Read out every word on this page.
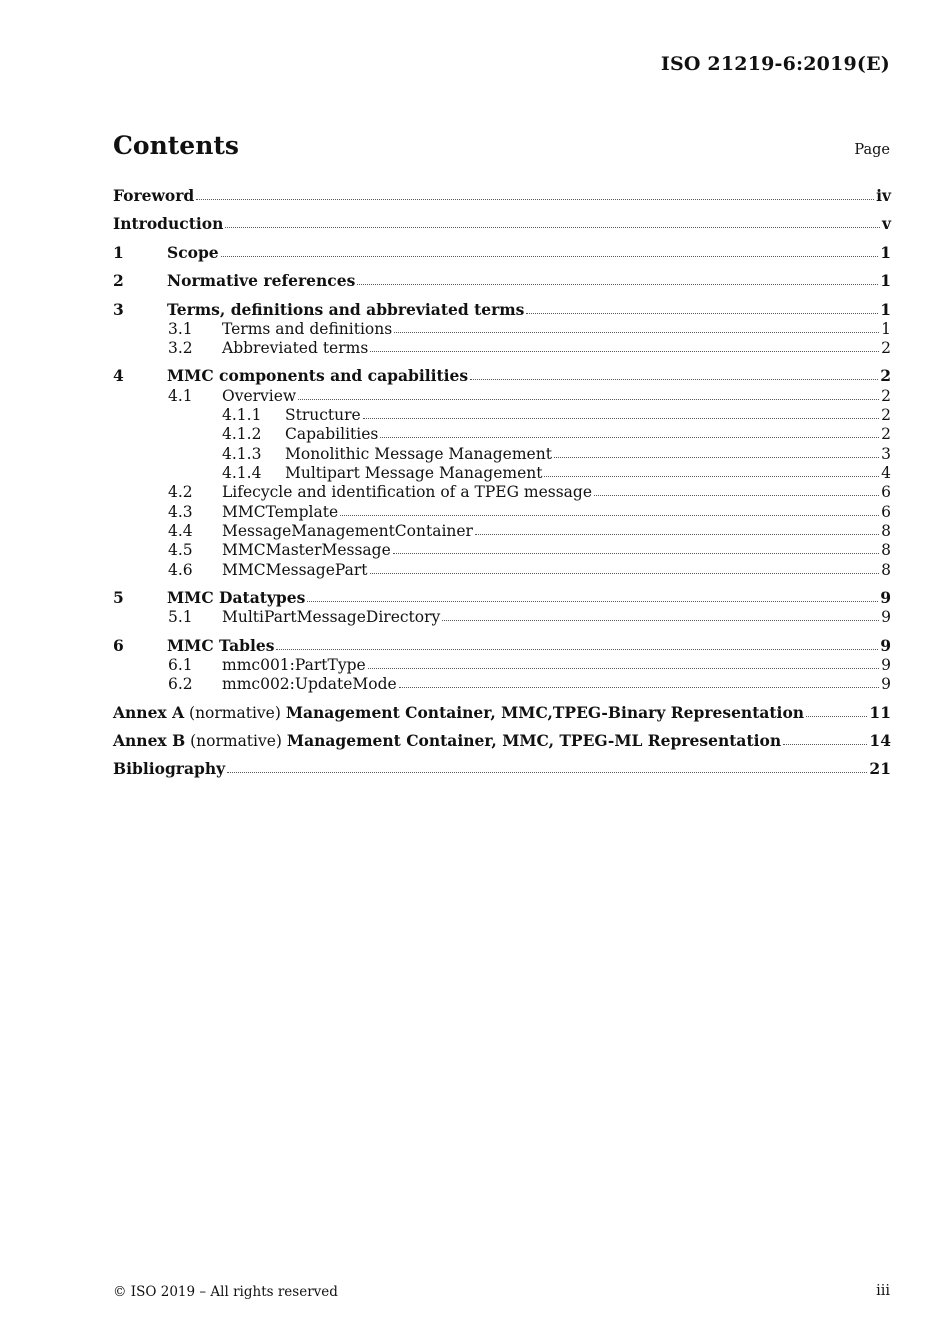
ISO 21219-6:2019(E)
Contents	Page
Foreword	iv
Introduction	v
1	Scope	1
2	Normative references	1
3	Terms, definitions and abbreviated terms	1
3.1	Terms and definitions	1
3.2	Abbreviated terms	2
4	MMC components and capabilities	2
4.1	Overview	2
4.1.1	Structure	2
4.1.2	Capabilities	2
4.1.3	Monolithic Message Management	3
4.1.4	Multipart Message Management	4
4.2	Lifecycle and identification of a TPEG message	6
4.3	MMCTemplate	6
4.4	MessageManagementContainer	8
4.5	MMCMasterMessage	8
4.6	MMCMessagePart	8
5	MMC Datatypes	9
5.1	MultiPartMessageDirectory	9
6	MMC Tables	9
6.1	mmc001:PartType	9
6.2	mmc002:UpdateMode	9
Annex A (normative) Management Container, MMC,TPEG-Binary Representation	11
Annex B (normative) Management Container, MMC, TPEG-ML Representation	14
Bibliography	21
© ISO 2019 – All rights reserved	iii
